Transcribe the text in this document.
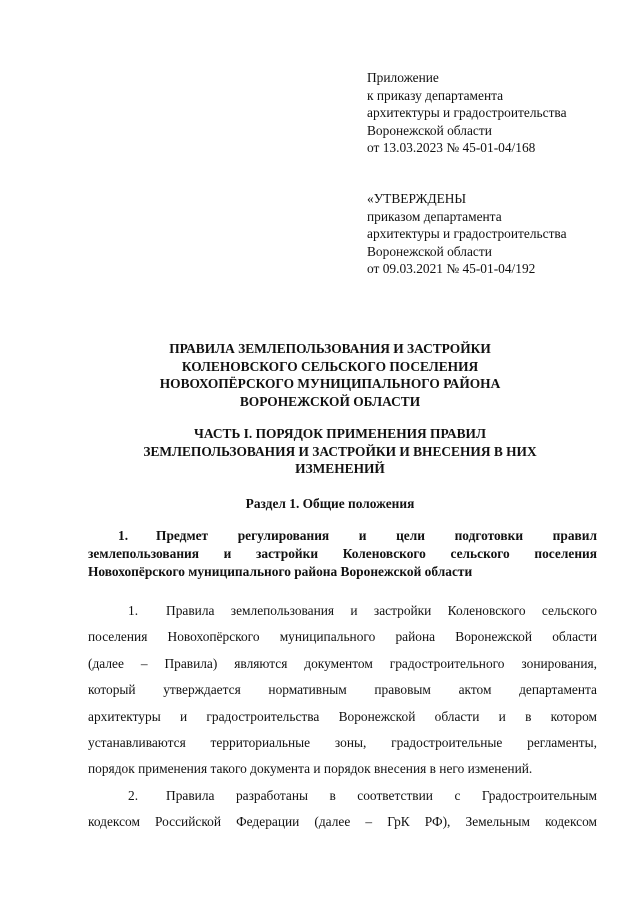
Приложение
к приказу департамента
архитектуры и градостроительства
Воронежской области
от 13.03.2023 № 45-01-04/168
«УТВЕРЖДЕНЫ
приказом департамента
архитектуры и градостроительства
Воронежской области
от 09.03.2021 № 45-01-04/192
ПРАВИЛА ЗЕМЛЕПОЛЬЗОВАНИЯ И ЗАСТРОЙКИ
КОЛЕНОВСКОГО СЕЛЬСКОГО ПОСЕЛЕНИЯ
НОВОХОПЁРСКОГО МУНИЦИПАЛЬНОГО РАЙОНА
ВОРОНЕЖСКОЙ ОБЛАСТИ
ЧАСТЬ I. ПОРЯДОК ПРИМЕНЕНИЯ ПРАВИЛ
ЗЕМЛЕПОЛЬЗОВАНИЯ И ЗАСТРОЙКИ И ВНЕСЕНИЯ В НИХ
ИЗМЕНЕНИЙ
Раздел 1. Общие положения
1. Предмет регулирования и цели подготовки правил
землепользования и застройки Коленовского сельского поселения
Новохопёрского муниципального района Воронежской области
1. Правила землепользования и застройки Коленовского сельского
поселения Новохопёрского муниципального района Воронежской области
(далее – Правила) являются документом градостроительного зонирования,
который утверждается нормативным правовым актом департамента
архитектуры и градостроительства Воронежской области и в котором
устанавливаются территориальные зоны, градостроительные регламенты,
порядок применения такого документа и порядок внесения в него изменений.
2. Правила разработаны в соответствии с Градостроительным
кодексом Российской Федерации (далее – ГрК РФ), Земельным кодексом
